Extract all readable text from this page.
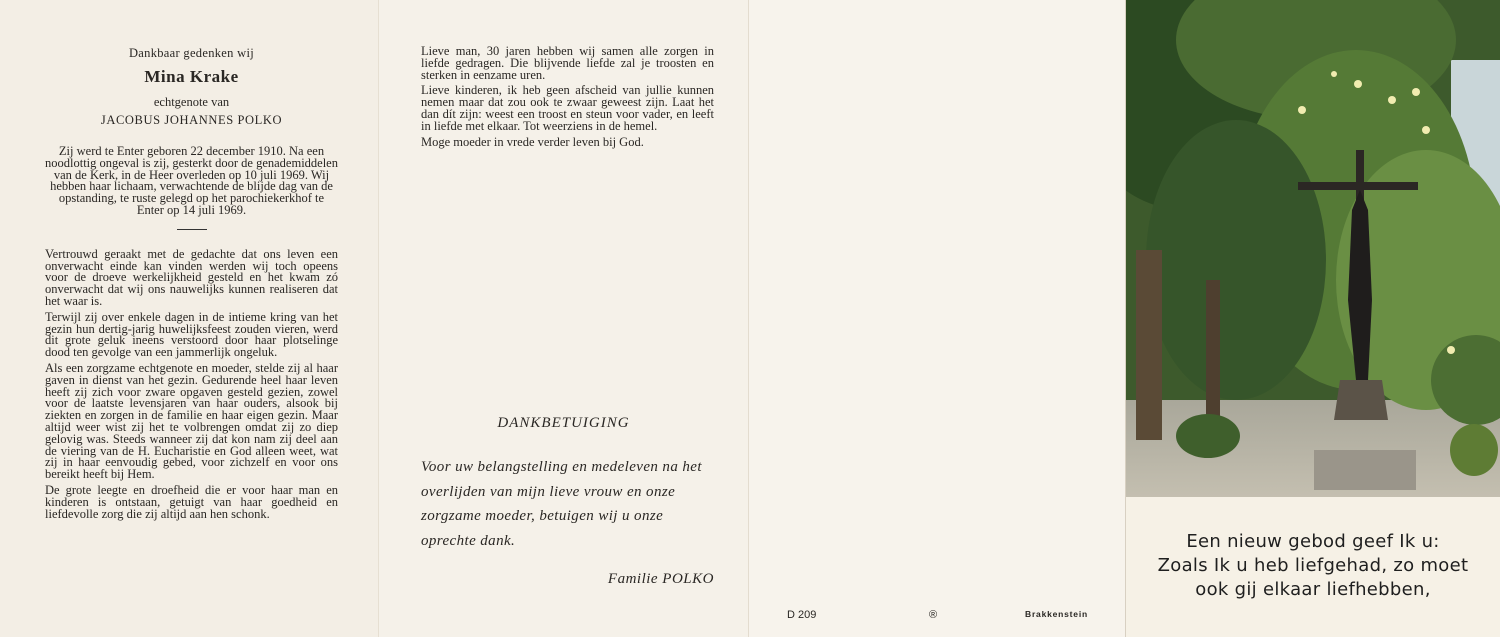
Dankbaar gedenken wij

Mina Krake

echtgenote van

JACOBUS JOHANNES POLKO

Zij werd te Enter geboren 22 december 1910. Na een noodlottig ongeval is zij, gesterkt door de genademiddelen van de Kerk, in de Heer overleden op 10 juli 1969. Wij hebben haar lichaam, verwachtende de blijde dag van de opstanding, te ruste gelegd op het parochiekerkhof te Enter op 14 juli 1969.

Vertrouwd geraakt met de gedachte dat ons leven een onverwacht einde kan vinden werden wij toch opeens voor de droeve werkelijkheid gesteld en het kwam zó onverwacht dat wij ons nauwelijks kunnen realiseren dat het waar is.

Terwijl zij over enkele dagen in de intieme kring van het gezin hun dertig-jarig huwelijksfeest zouden vieren, werd dit grote geluk ineens verstoord door haar plotselinge dood ten gevolge van een jammerlijk ongeluk.

Als een zorgzame echtgenote en moeder, stelde zij al haar gaven in dienst van het gezin. Gedurende heel haar leven heeft zij zich voor zware opgaven gesteld gezien, zowel voor de laatste levensjaren van haar ouders, alsook bij ziekten en zorgen in de familie en haar eigen gezin. Maar altijd weer wist zij het te volbrengen omdat zij zo diep gelovig was. Steeds wanneer zij dat kon nam zij deel aan de viering van de H. Eucharistie en God alleen weet, wat zij in haar eenvoudig gebed, voor zichzelf en voor ons bereikt heeft bij Hem.

De grote leegte en droefheid die er voor haar man en kinderen is ontstaan, getuigt van haar goedheid en liefdevolle zorg die zij altijd aan hen schonk.

Lieve man, 30 jaren hebben wij samen alle zorgen in liefde gedragen. Die blijvende liefde zal je troosten en sterken in eenzame uren.

Lieve kinderen, ik heb geen afscheid van jullie kunnen nemen maar dat zou ook te zwaar geweest zijn. Laat het dan dít zijn: weest een troost en steun voor vader, en leeft in liefde met elkaar. Tot weerziens in de hemel.

Moge moeder in vrede verder leven bij God.

DANKBETUIGING
Voor uw belangstelling en medeleven na het overlijden van mijn lieve vrouw en onze zorgzame moeder, betuigen wij u onze oprechte dank.
Familie POLKO
D 209	®	Brakkenstein
Een nieuw gebod geef Ik u:
Zoals Ik u heb liefgehad, zo moet
ook gij elkaar liefhebben,
